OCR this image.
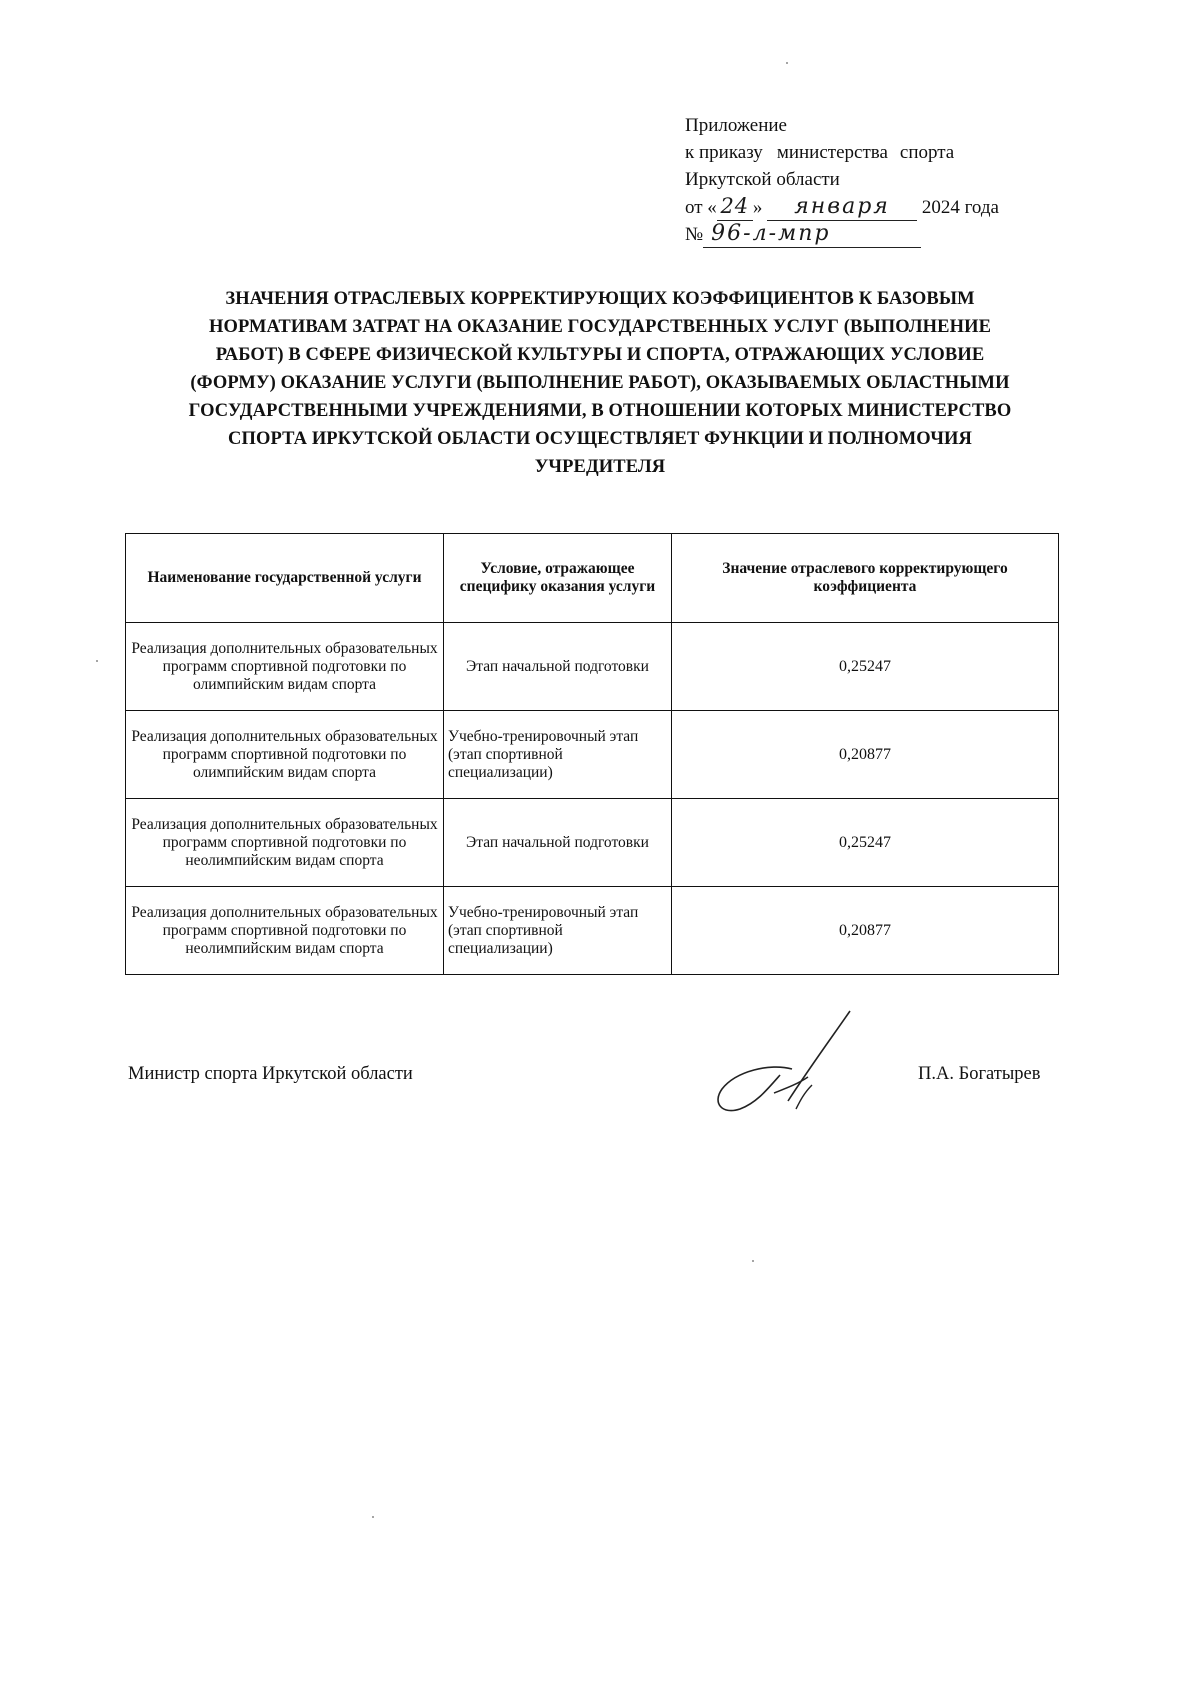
Приложение
к приказу министерства спорта
Иркутской области
от « 24 » января 2024 года
№ 96-л-мпр
ЗНАЧЕНИЯ ОТРАСЛЕВЫХ КОРРЕКТИРУЮЩИХ КОЭФФИЦИЕНТОВ К БАЗОВЫМ
НОРМАТИВАМ ЗАТРАТ НА ОКАЗАНИЕ ГОСУДАРСТВЕННЫХ УСЛУГ (ВЫПОЛНЕНИЕ
РАБОТ) В СФЕРЕ ФИЗИЧЕСКОЙ КУЛЬТУРЫ И СПОРТА, ОТРАЖАЮЩИХ УСЛОВИЕ
(ФОРМУ) ОКАЗАНИЕ УСЛУГИ (ВЫПОЛНЕНИЕ РАБОТ), ОКАЗЫВАЕМЫХ ОБЛАСТНЫМИ
ГОСУДАРСТВЕННЫМИ УЧРЕЖДЕНИЯМИ, В ОТНОШЕНИИ КОТОРЫХ МИНИСТЕРСТВО
СПОРТА ИРКУТСКОЙ ОБЛАСТИ ОСУЩЕСТВЛЯЕТ ФУНКЦИИ И ПОЛНОМОЧИЯ
УЧРЕДИТЕЛЯ
Наименование государственной услуги	Условие, отражающее специфику оказания услуги	Значение отраслевого корректирующего коэффициента
Реализация дополнительных образовательных программ спортивной подготовки по олимпийским видам спорта	Этап начальной подготовки	0,25247
Реализация дополнительных образовательных программ спортивной подготовки по олимпийским видам спорта	Учебно-тренировочный этап (этап спортивной специализации)	0,20877
Реализация дополнительных образовательных программ спортивной подготовки по неолимпийским видам спорта	Этап начальной подготовки	0,25247
Реализация дополнительных образовательных программ спортивной подготовки по неолимпийским видам спорта	Учебно-тренировочный этап (этап спортивной специализации)	0,20877
Министр спорта Иркутской области	П.А. Богатырев
